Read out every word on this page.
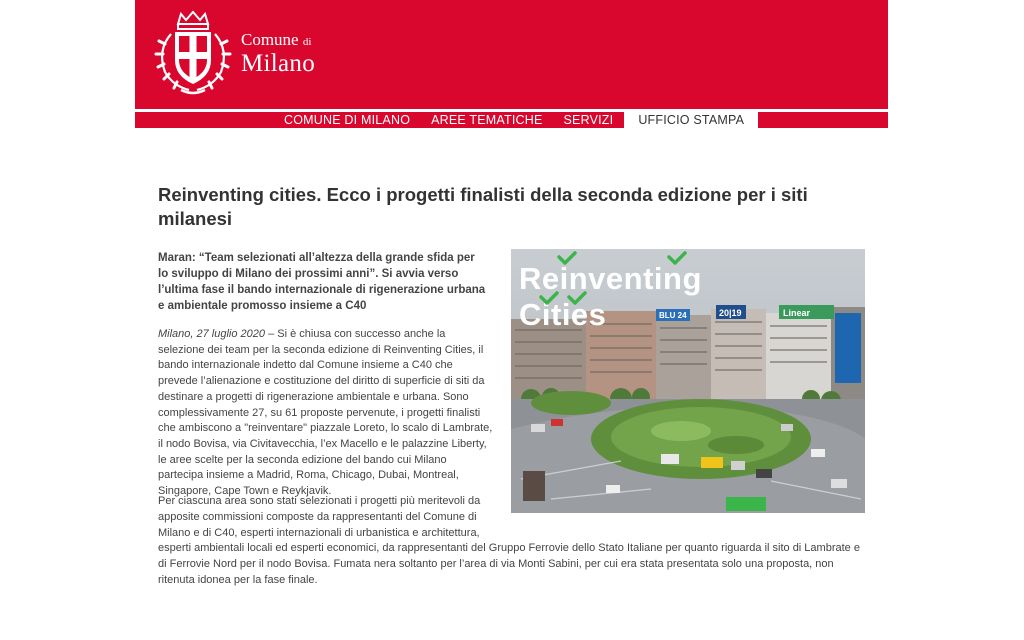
Comune di
Milano
COMUNE DI MILANO	AREE TEMATICHE	SERVIZI	UFFICIO STAMPA
Reinventing cities. Ecco i progetti finalisti della seconda edizione per i siti milanesi

Maran: “Team selezionati all’altezza della grande sfida per lo sviluppo di Milano dei prossimi anni”. Si avvia verso l’ultima fase il bando internazionale di rigenerazione urbana e ambientale promosso insieme a C40

Milano, 27 luglio 2020 – Si è chiusa con successo anche la selezione dei team per la seconda edizione di Reinventing Cities, il bando internazionale indetto dal Comune insieme a C40 che prevede l’alienazione e costituzione del diritto di superficie di siti da destinare a progetti di rigenerazione ambientale e urbana. Sono complessivamente 27, su 61 proposte pervenute, i progetti finalisti che ambiscono a "reinventare" piazzale Loreto, lo scalo di Lambrate, il nodo Bovisa, via Civitavecchia, l’ex Macello e le palazzine Liberty, le aree scelte per la seconda edizione del bando cui Milano partecipa insieme a Madrid, Roma, Chicago, Dubai, Montreal, Singapore, Cape Town e Reykjavik.

Per ciascuna area sono stati selezionati i progetti più meritevoli da apposite commissioni composte da rappresentanti del Comune di Milano e di C40, esperti internazionali di urbanistica e architettura,
esperti ambientali locali ed esperti economici, da rappresentanti del Gruppo Ferrovie dello Stato Italiane per quanto riguarda il sito di Lambrate e di Ferrovie Nord per il nodo Bovisa. Fumata nera soltanto per l’area di via Monti Sabini, per cui era stata presentata solo una proposta, non ritenuta idonea per la fase finale.

BLU 24	20|19	Linear
Reinventing
Cities
